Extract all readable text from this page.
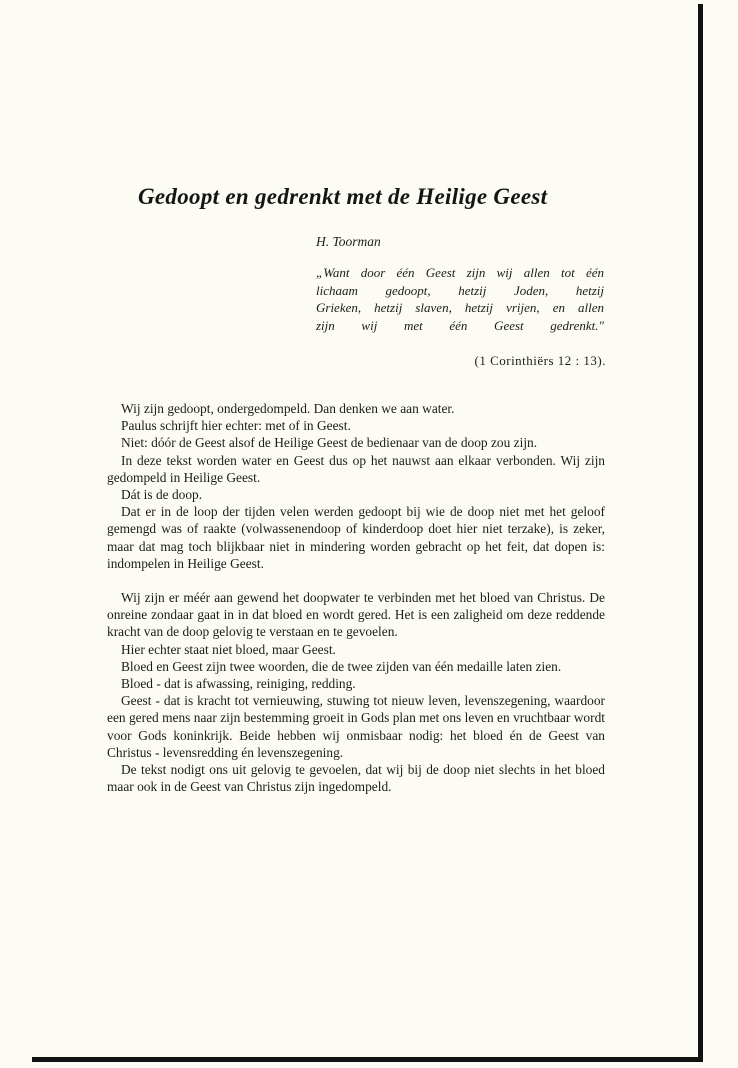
Gedoopt en gedrenkt met de Heilige Geest
H. Toorman
„Want door één Geest zijn wij allen tot één
lichaam gedoopt, hetzij Joden, hetzij
Grieken, hetzij slaven, hetzij vrijen, en allen
zijn wij met één Geest gedrenkt."
(1 Corinthiërs 12 : 13).

Wij zijn gedoopt, ondergedompeld. Dan denken we aan water.

Paulus schrijft hier echter: met of in Geest.

Niet: dóór de Geest alsof de Heilige Geest de bedienaar van de doop zou zijn.

In deze tekst worden water en Geest dus op het nauwst aan elkaar verbonden. Wij zijn gedompeld in Heilige Geest.

Dát is de doop.

Dat er in de loop der tijden velen werden gedoopt bij wie de doop niet met het geloof gemengd was of raakte (volwassenendoop of kinderdoop doet hier niet terzake), is zeker, maar dat mag toch blijkbaar niet in mindering worden gebracht op het feit, dat dopen is: indompelen in Heilige Geest.

Wij zijn er méér aan gewend het doopwater te verbinden met het bloed van Christus. De onreine zondaar gaat in in dat bloed en wordt gered. Het is een zaligheid om deze reddende kracht van de doop gelovig te verstaan en te gevoelen.

Hier echter staat niet bloed, maar Geest.

Bloed en Geest zijn twee woorden, die de twee zijden van één medaille laten zien.

Bloed - dat is afwassing, reiniging, redding.

Geest - dat is kracht tot vernieuwing, stuwing tot nieuw leven, levenszegening, waardoor een gered mens naar zijn bestemming groeit in Gods plan met ons leven en vruchtbaar wordt voor Gods koninkrijk. Beide hebben wij onmisbaar nodig: het bloed én de Geest van Christus - levensredding én levenszegening.

De tekst nodigt ons uit gelovig te gevoelen, dat wij bij de doop niet slechts in het bloed maar ook in de Geest van Christus zijn ingedompeld.
